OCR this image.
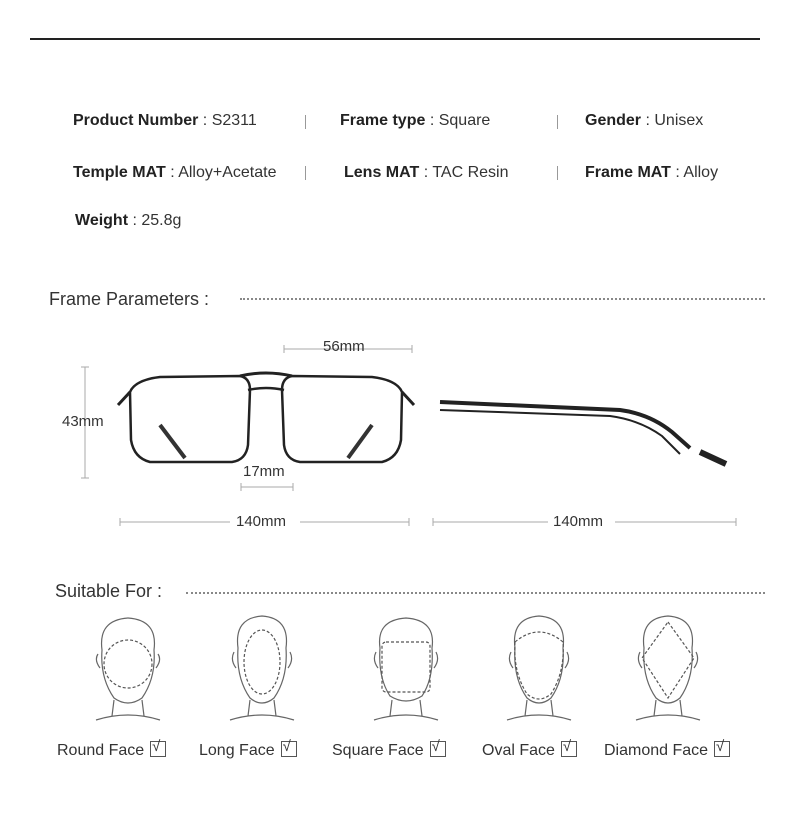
Product Number : S2311	Frame type : Square	Gender : Unisex
Temple MAT : Alloy+Acetate	Lens MAT : TAC Resin	Frame MAT : Alloy
Weight : 25.8g
Frame Parameters :
56mm
43mm
17mm
140mm	140mm
Suitable For :
Round Face √	Long Face √	Square Face √	Oval Face √	Diamond Face√
